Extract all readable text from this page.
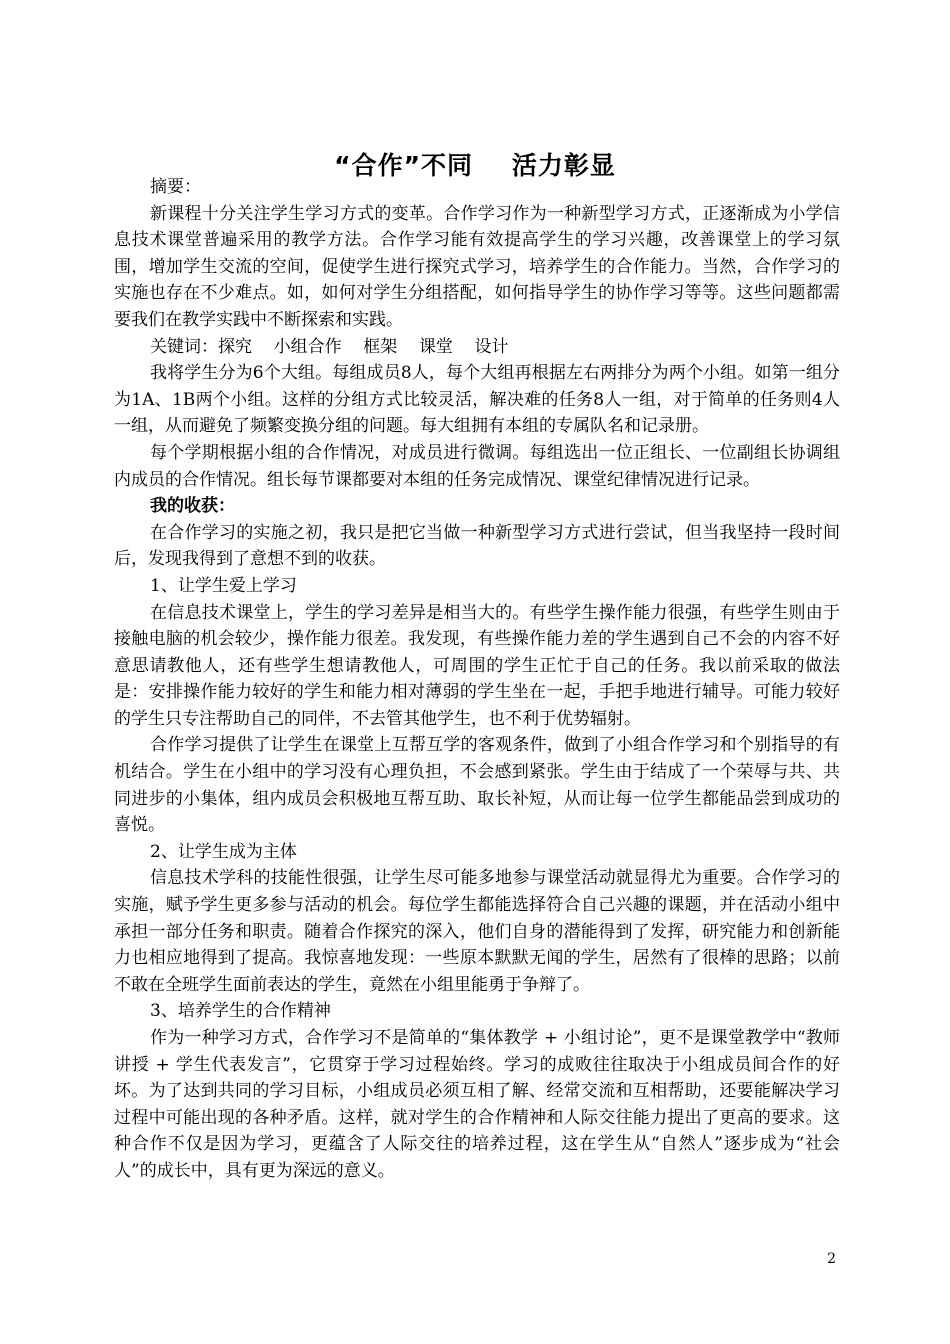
“合作”不同    活力彰显

摘要：

新课程十分关注学生学习方式的变革。合作学习作为一种新型学习方式，正逐渐成为小学信息技术课堂普遍采用的教学方法。合作学习能有效提高学生的学习兴趣，改善课堂上的学习氛围，增加学生交流的空间，促使学生进行探究式学习，培养学生的合作能力。当然，合作学习的实施也存在不少难点。如，如何对学生分组搭配，如何指导学生的协作学习等等。这些问题都需要我们在教学实践中不断探索和实践。

关键词：探究    小组合作    框架    课堂    设计

我将学生分为6个大组。每组成员8人，每个大组再根据左右两排分为两个小组。如第一组分为1A、1B两个小组。这样的分组方式比较灵活，解决难的任务8人一组，对于简单的任务则4人一组，从而避免了频繁变换分组的问题。每大组拥有本组的专属队名和记录册。

每个学期根据小组的合作情况，对成员进行微调。每组选出一位正组长、一位副组长协调组内成员的合作情况。组长每节课都要对本组的任务完成情况、课堂纪律情况进行记录。

我的收获：

在合作学习的实施之初，我只是把它当做一种新型学习方式进行尝试，但当我坚持一段时间后，发现我得到了意想不到的收获。

1、让学生爱上学习

在信息技术课堂上，学生的学习差异是相当大的。有些学生操作能力很强，有些学生则由于接触电脑的机会较少，操作能力很差。我发现，有些操作能力差的学生遇到自己不会的内容不好意思请教他人，还有些学生想请教他人，可周围的学生正忙于自己的任务。我以前采取的做法是：安排操作能力较好的学生和能力相对薄弱的学生坐在一起，手把手地进行辅导。可能力较好的学生只专注帮助自己的同伴，不去管其他学生，也不利于优势辐射。

合作学习提供了让学生在课堂上互帮互学的客观条件，做到了小组合作学习和个别指导的有机结合。学生在小组中的学习没有心理负担，不会感到紧张。学生由于结成了一个荣辱与共、共同进步的小集体，组内成员会积极地互帮互助、取长补短，从而让每一位学生都能品尝到成功的喜悦。

2、让学生成为主体

信息技术学科的技能性很强，让学生尽可能多地参与课堂活动就显得尤为重要。合作学习的实施，赋予学生更多参与活动的机会。每位学生都能选择符合自己兴趣的课题，并在活动小组中承担一部分任务和职责。随着合作探究的深入，他们自身的潜能得到了发挥，研究能力和创新能力也相应地得到了提高。我惊喜地发现：一些原本默默无闻的学生，居然有了很棒的思路；以前不敢在全班学生面前表达的学生，竟然在小组里能勇于争辩了。

3、培养学生的合作精神

作为一种学习方式，合作学习不是简单的“集体教学 + 小组讨论”，更不是课堂教学中“教师讲授 + 学生代表发言”，它贯穿于学习过程始终。学习的成败往往取决于小组成员间合作的好坏。为了达到共同的学习目标，小组成员必须互相了解、经常交流和互相帮助，还要能解决学习过程中可能出现的各种矛盾。这样，就对学生的合作精神和人际交往能力提出了更高的要求。这种合作不仅是因为学习，更蕴含了人际交往的培养过程，这在学生从“自然人”逐步成为“社会人”的成长中，具有更为深远的意义。

2
